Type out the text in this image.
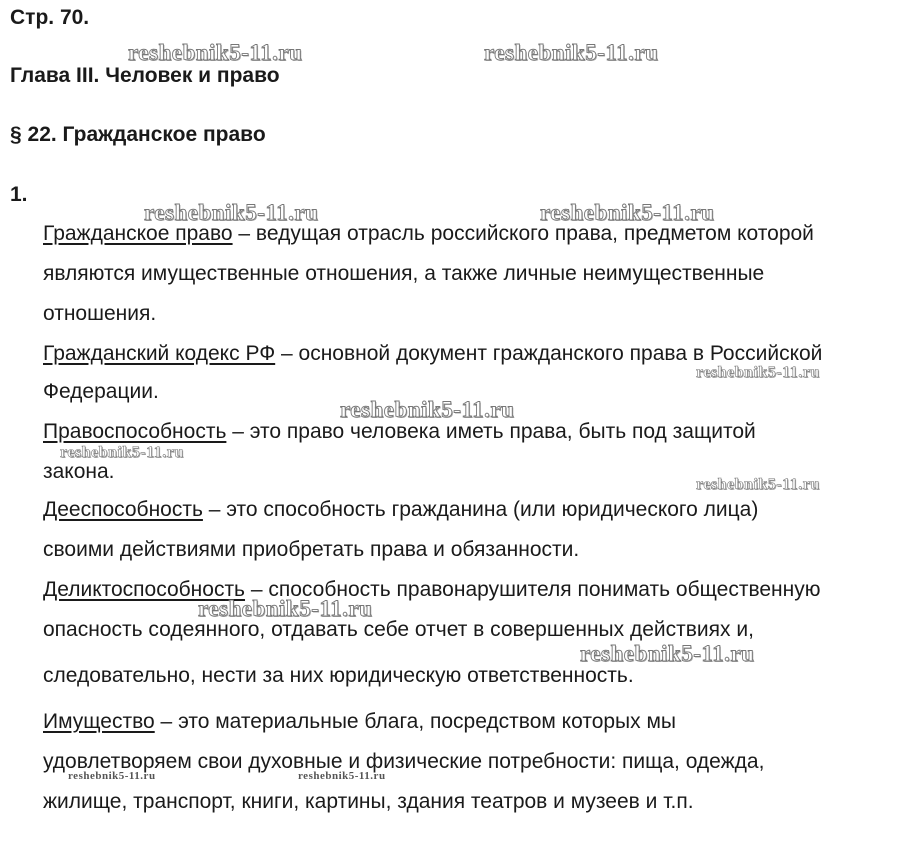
Стр. 70.
Глава III. Человек и право
§ 22. Гражданское право
1.
Гражданское право – ведущая отрасль российского права, предметом которой
являются имущественные отношения, а также личные неимущественные
отношения.
Гражданский кодекс РФ – основной документ гражданского права в Российской
Федерации.
Правоспособность – это право человека иметь права, быть под защитой
закона.
Дееспособность – это способность гражданина (или юридического лица)
своими действиями приобретать права и обязанности.
Деликтоспособность – способность правонарушителя понимать общественную
опасность содеянного, отдавать себе отчет в совершенных действиях и,
следовательно, нести за них юридическую ответственность.
Имущество – это материальные блага, посредством которых мы
удовлетворяем свои духовные и физические потребности: пища, одежда,
жилище, транспорт, книги, картины, здания театров и музеев и т.п.
reshebnik5-11.ru	reshebnik5-11.ru
reshebnik5-11.ru	reshebnik5-11.ru
reshebnik5-11.ru
reshebnik5-11.ru
reshebnik5-11.ru
reshebnik5-11.ru
reshebnik5-11.ru
reshebnik5-11.ru
reshebnik5-11.ru	reshebnik5-11.ru
